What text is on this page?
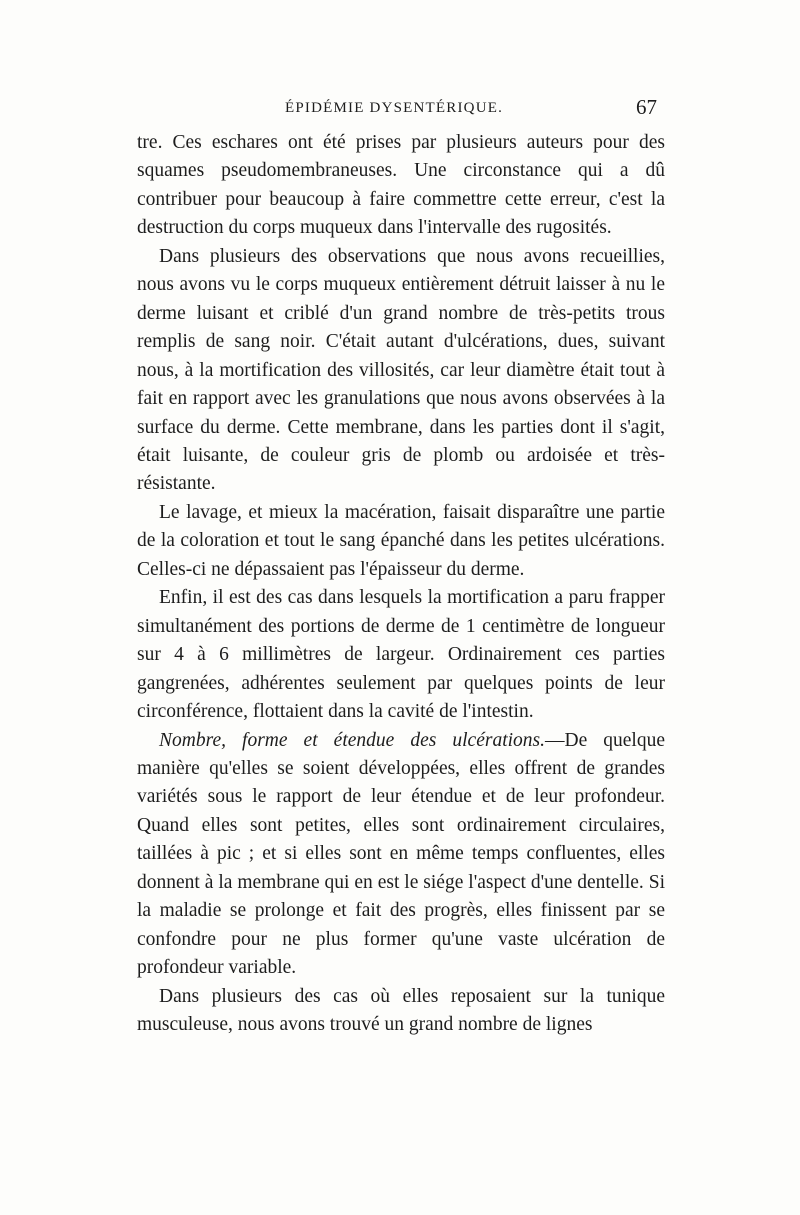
ÉPIDÉMIE DYSENTÉRIQUE.	67

tre. Ces eschares ont été prises par plusieurs auteurs pour des squames pseudomembraneuses. Une circonstance qui a dû contribuer pour beaucoup à faire commettre cette erreur, c'est la destruction du corps muqueux dans l'intervalle des rugosités.

Dans plusieurs des observations que nous avons recueillies, nous avons vu le corps muqueux entièrement détruit laisser à nu le derme luisant et criblé d'un grand nombre de très-petits trous remplis de sang noir. C'était autant d'ulcérations, dues, suivant nous, à la mortification des villosités, car leur diamètre était tout à fait en rapport avec les granulations que nous avons observées à la surface du derme. Cette membrane, dans les parties dont il s'agit, était luisante, de couleur gris de plomb ou ardoisée et très-résistante.

Le lavage, et mieux la macération, faisait disparaître une partie de la coloration et tout le sang épanché dans les petites ulcérations. Celles-ci ne dépassaient pas l'épaisseur du derme.

Enfin, il est des cas dans lesquels la mortification a paru frapper simultanément des portions de derme de 1 centimètre de longueur sur 4 à 6 millimètres de largeur. Ordinairement ces parties gangrenées, adhérentes seulement par quelques points de leur circonférence, flottaient dans la cavité de l'intestin.

Nombre, forme et étendue des ulcérations.—De quelque manière qu'elles se soient développées, elles offrent de grandes variétés sous le rapport de leur étendue et de leur profondeur. Quand elles sont petites, elles sont ordinairement circulaires, taillées à pic ; et si elles sont en même temps confluentes, elles donnent à la membrane qui en est le siége l'aspect d'une dentelle. Si la maladie se prolonge et fait des progrès, elles finissent par se confondre pour ne plus former qu'une vaste ulcération de profondeur variable.

Dans plusieurs des cas où elles reposaient sur la tunique musculeuse, nous avons trouvé un grand nombre de lignes
